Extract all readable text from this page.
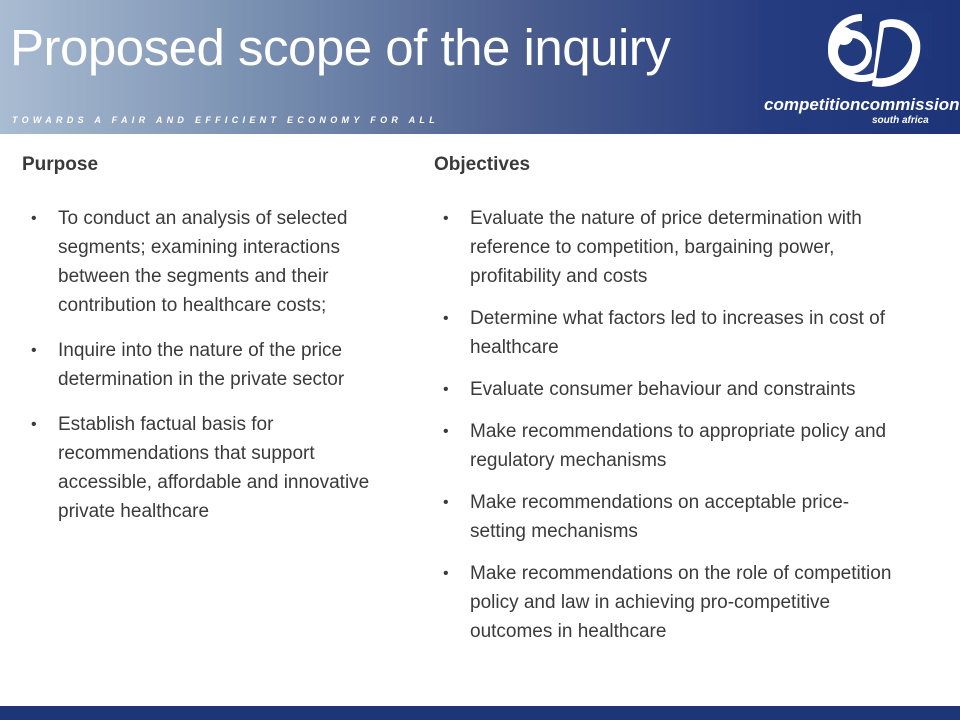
Proposed scope of the inquiry
TOWARDS A FAIR AND EFFICIENT ECONOMY FOR ALL
competitioncommission
south africa
Purpose
• To conduct an analysis of selected segments; examining interactions between the segments and their contribution to healthcare costs;
• Inquire into the nature of the price determination in the private sector
• Establish factual basis for recommendations that support accessible, affordable and innovative private healthcare
Objectives
• Evaluate the nature of price determination with reference to competition, bargaining power, profitability and costs
• Determine what factors led to increases in cost of healthcare
• Evaluate consumer behaviour and constraints
• Make recommendations to appropriate policy and regulatory mechanisms
• Make recommendations on acceptable price-setting mechanisms
• Make recommendations on the role of competition policy and law in achieving pro-competitive outcomes in healthcare
